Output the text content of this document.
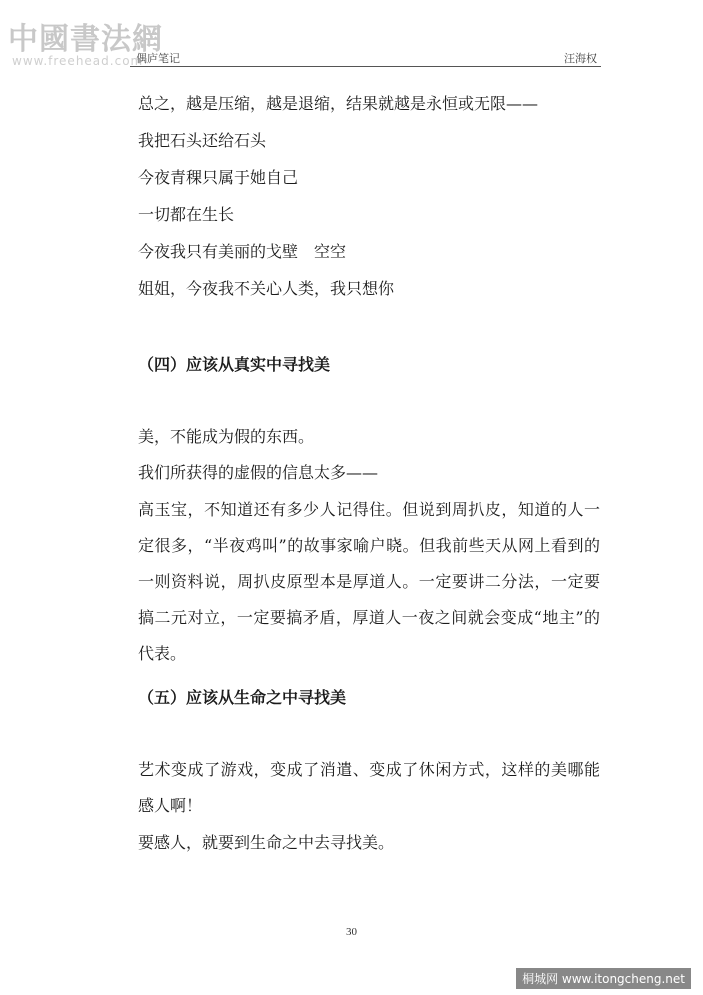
中國書法網
www.freehead.com
偶庐笔记	汪海权
总之，越是压缩，越是退缩，结果就越是永恒或无限——
我把石头还给石头
今夜青稞只属于她自己
一切都在生长
今夜我只有美丽的戈壁　空空
姐姐，今夜我不关心人类，我只想你
（四）应该从真实中寻找美
美，不能成为假的东西。
我们所获得的虚假的信息太多——
高玉宝，不知道还有多少人记得住。但说到周扒皮，知道的人一定很多，“半夜鸡叫”的故事家喻户晓。但我前些天从网上看到的一则资料说，周扒皮原型本是厚道人。一定要讲二分法，一定要搞二元对立，一定要搞矛盾，厚道人一夜之间就会变成“地主”的代表。
（五）应该从生命之中寻找美
艺术变成了游戏，变成了消遣、变成了休闲方式，这样的美哪能感人啊！
要感人，就要到生命之中去寻找美。
30
桐城网 www.itongcheng.net
